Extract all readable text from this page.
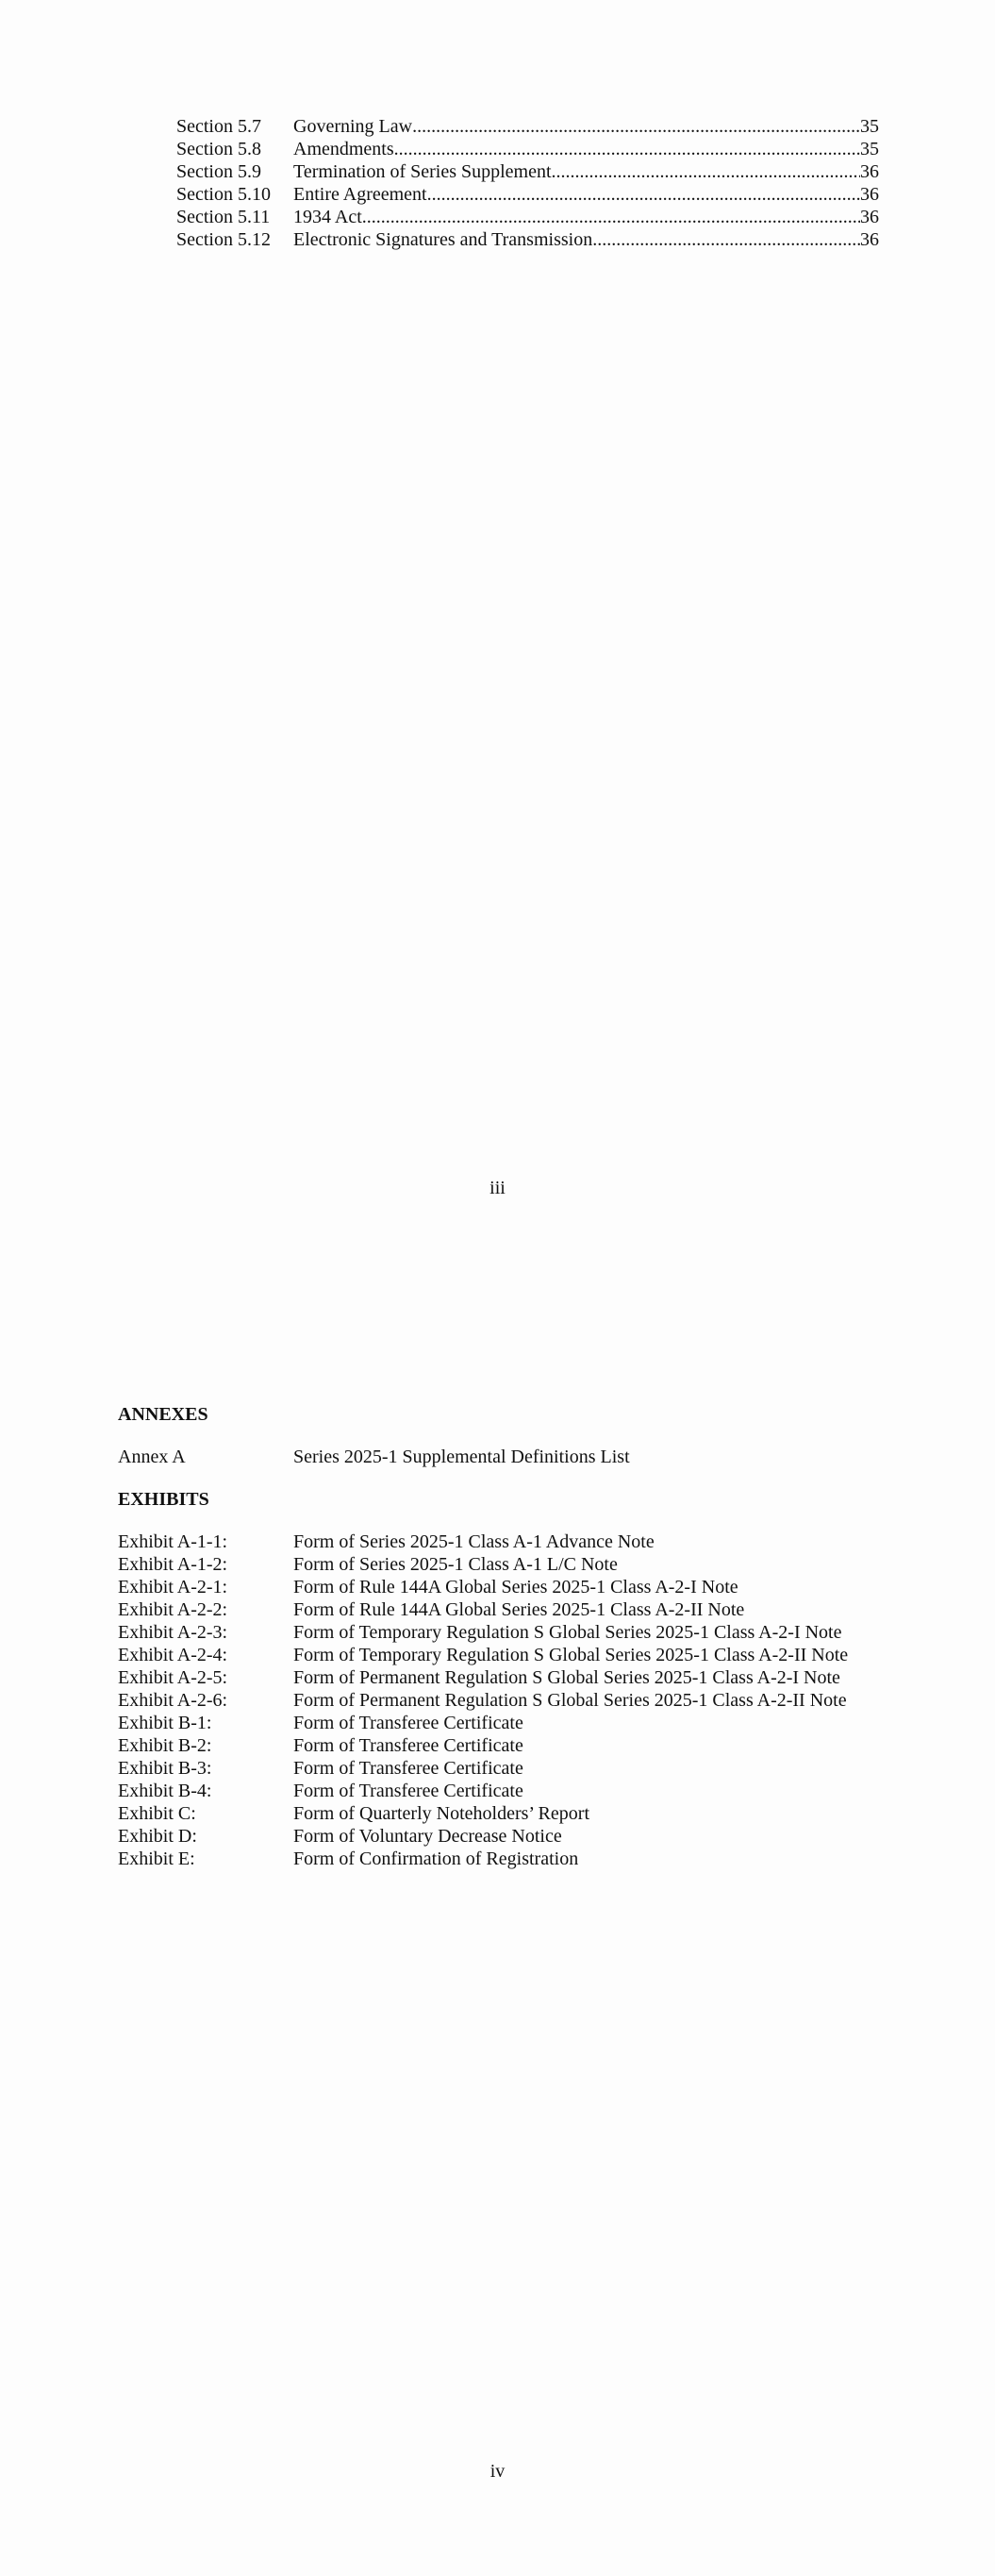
Section 5.7	Governing Law .....	35
Section 5.8	Amendments .....	35
Section 5.9	Termination of Series Supplement .....	36
Section 5.10	Entire Agreement .....	36
Section 5.11	1934 Act .....	36
Section 5.12	Electronic Signatures and Transmission .....	36
iii
ANNEXES
Annex A	Series 2025-1 Supplemental Definitions List
EXHIBITS
Exhibit A-1-1:	Form of Series 2025-1 Class A-1 Advance Note
Exhibit A-1-2:	Form of Series 2025-1 Class A-1 L/C Note
Exhibit A-2-1:	Form of Rule 144A Global Series 2025-1 Class A-2-I Note
Exhibit A-2-2:	Form of Rule 144A Global Series 2025-1 Class A-2-II Note
Exhibit A-2-3:	Form of Temporary Regulation S Global Series 2025-1 Class A-2-I Note
Exhibit A-2-4:	Form of Temporary Regulation S Global Series 2025-1 Class A-2-II Note
Exhibit A-2-5:	Form of Permanent Regulation S Global Series 2025-1 Class A-2-I Note
Exhibit A-2-6:	Form of Permanent Regulation S Global Series 2025-1 Class A-2-II Note
Exhibit B-1:	Form of Transferee Certificate
Exhibit B-2:	Form of Transferee Certificate
Exhibit B-3:	Form of Transferee Certificate
Exhibit B-4:	Form of Transferee Certificate
Exhibit C:	Form of Quarterly Noteholders’ Report
Exhibit D:	Form of Voluntary Decrease Notice
Exhibit E:	Form of Confirmation of Registration
iv
